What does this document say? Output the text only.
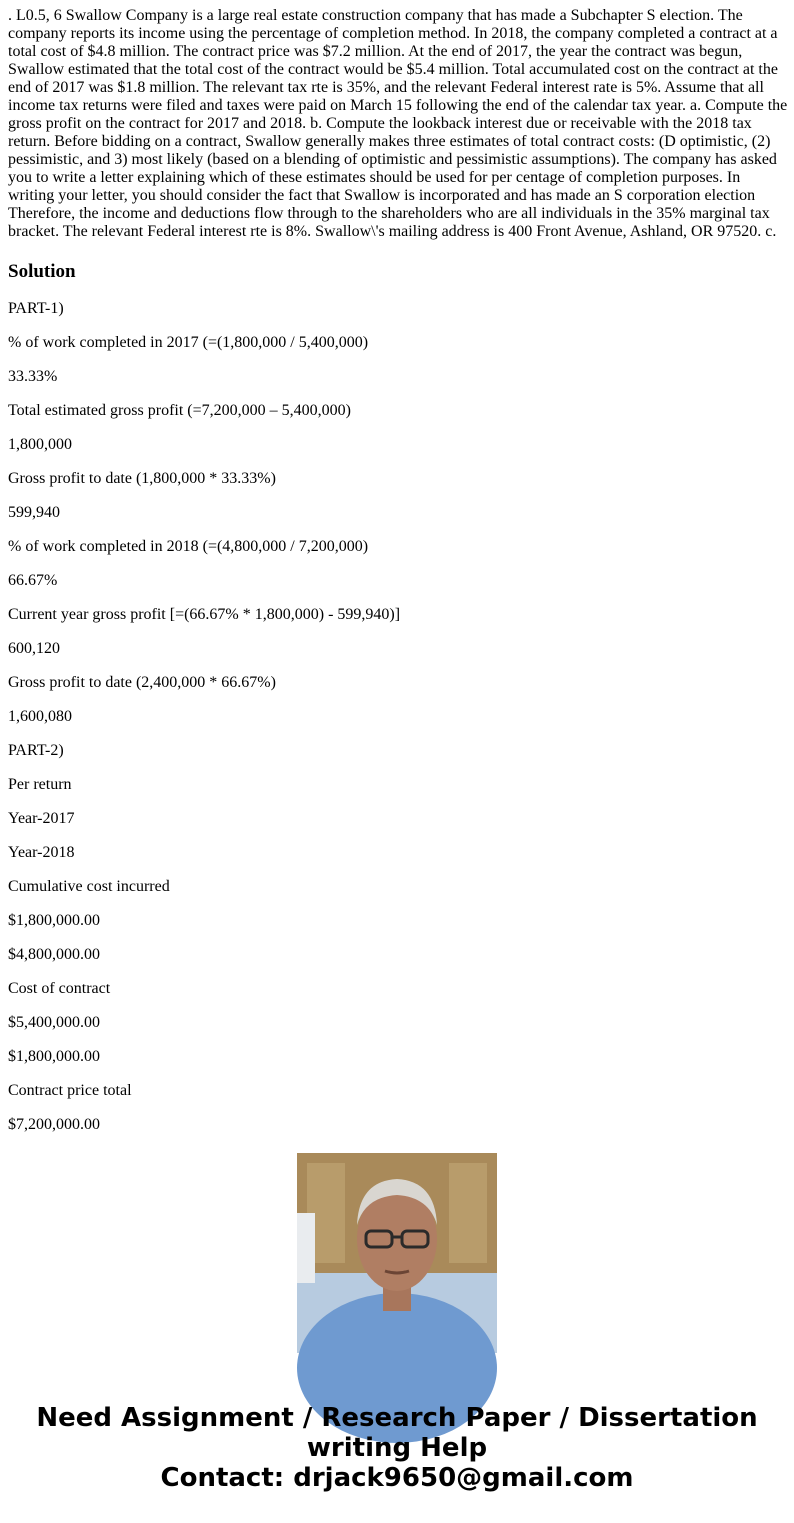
. L0.5, 6 Swallow Company is a large real estate construction company that has made a Subchapter S election. The company reports its income using the percentage of completion method. In 2018, the company completed a contract at a total cost of $4.8 million. The contract price was $7.2 million. At the end of 2017, the year the contract was begun, Swallow estimated that the total cost of the contract would be $5.4 million. Total accumulated cost on the contract at the end of 2017 was $1.8 million. The relevant tax rte is 35%, and the relevant Federal interest rate is 5%. Assume that all income tax returns were filed and taxes were paid on March 15 following the end of the calendar tax year. a. Compute the gross profit on the contract for 2017 and 2018. b. Compute the lookback interest due or receivable with the 2018 tax return. Before bidding on a contract, Swallow generally makes three estimates of total contract costs: (D optimistic, (2) pessimistic, and 3) most likely (based on a blending of optimistic and pessimistic assumptions). The company has asked you to write a letter explaining which of these estimates should be used for per centage of completion purposes. In writing your letter, you should consider the fact that Swallow is incorporated and has made an S corporation election Therefore, the income and deductions flow through to the shareholders who are all individuals in the 35% marginal tax bracket. The relevant Federal interest rte is 8%. Swallow\'s mailing address is 400 Front Avenue, Ashland, OR 97520. c.

Solution

PART-1)

% of work completed in 2017 (=(1,800,000 / 5,400,000)

33.33%

Total estimated gross profit (=7,200,000 – 5,400,000)

1,800,000

Gross profit to date (1,800,000 * 33.33%)

599,940

% of work completed in 2018 (=(4,800,000 / 7,200,000)

66.67%

Current year gross profit [=(66.67% * 1,800,000) - 599,940)]

600,120

Gross profit to date (2,400,000 * 66.67%)

1,600,080

PART-2)

Per return

Year-2017

Year-2018

Cumulative cost incurred

$1,800,000.00

$4,800,000.00

Cost of contract

$5,400,000.00

$1,800,000.00

Contract price total

$7,200,000.00

Need Assignment / Research Paper / Dissertation
writing Help
Contact: drjack9650@gmail.com
